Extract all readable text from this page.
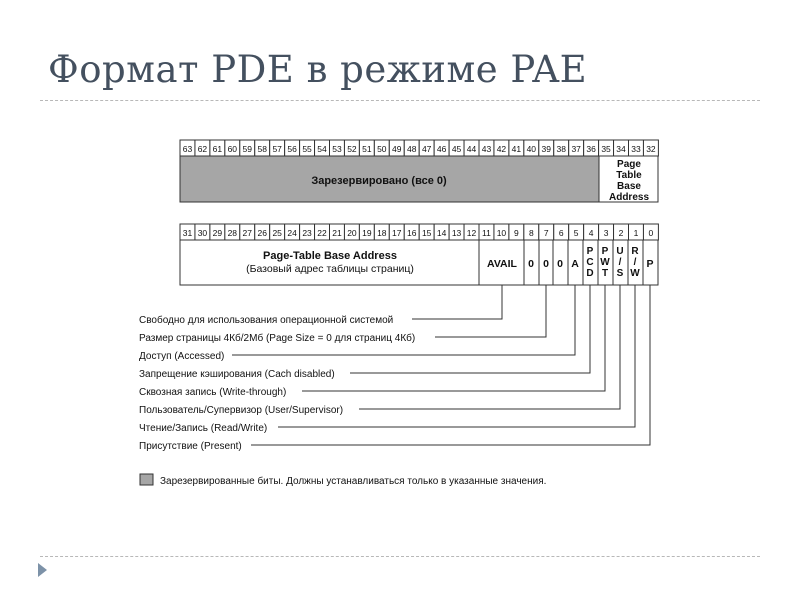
Формат PDE в режиме PAE
63 62 61 60 59 58 57 56 55 54 53 52 51 50 49 48 47 46 45 44 43 42 41 40 39 38 37 36 35 34 33 32
Зарезервировано (все 0)
Page
Table
Base
Address
31 30 29 28 27 26 25 24 23 22 21 20 19 18 17 16 15 14 13 12 11 10 9 8 7 6 5 4 3 2 1 0
Page-Table Base Address
(Базовый адрес таблицы страниц)	AVAIL 0 0 0 A
P
C
D
P
W
T
U
/
S
R
/
W
P
Свободно для использования операционной системой
Размер страницы 4Кб/2Мб (Page Size = 0 для страниц 4Кб)
Доступ (Accessed)
Запрещение кэширования (Cach disabled)
Сквозная запись (Write-through)
Пользователь/Супервизор (User/Supervisor)
Чтение/Запись (Read/Write)
Присутствие (Present)
Зарезервированные биты. Должны устанавливаться только в указанные значения.
